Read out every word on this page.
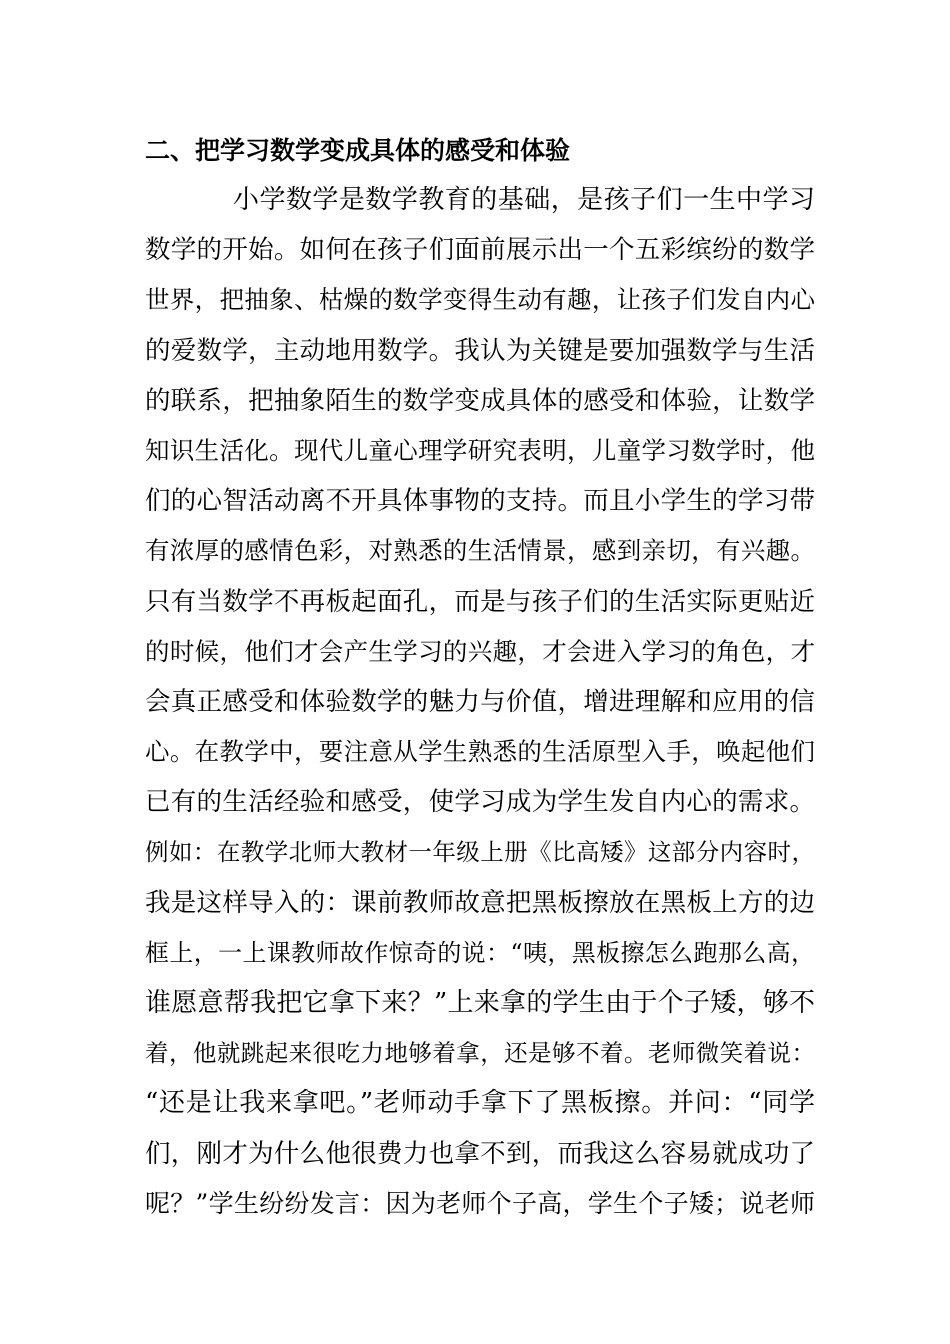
二、把学习数学变成具体的感受和体验
小学数学是数学教育的基础，是孩子们一生中学习
数学的开始。如何在孩子们面前展示出一个五彩缤纷的数学
世界，把抽象、枯燥的数学变得生动有趣，让孩子们发自内心
的爱数学，主动地用数学。我认为关键是要加强数学与生活
的联系，把抽象陌生的数学变成具体的感受和体验，让数学
知识生活化。现代儿童心理学研究表明，儿童学习数学时，他
们的心智活动离不开具体事物的支持。而且小学生的学习带
有浓厚的感情色彩，对熟悉的生活情景，感到亲切，有兴趣。
只有当数学不再板起面孔，而是与孩子们的生活实际更贴近
的时候，他们才会产生学习的兴趣，才会进入学习的角色，才
会真正感受和体验数学的魅力与价值，增进理解和应用的信
心。在教学中，要注意从学生熟悉的生活原型入手，唤起他们
已有的生活经验和感受，使学习成为学生发自内心的需求。
例如：在教学北师大教材一年级上册《比高矮》这部分内容时，
我是这样导入的：课前教师故意把黑板擦放在黑板上方的边
框上，一上课教师故作惊奇的说：“咦，黑板擦怎么跑那么高，
谁愿意帮我把它拿下来？”上来拿的学生由于个子矮，够不
着，他就跳起来很吃力地够着拿，还是够不着。老师微笑着说：
“还是让我来拿吧。”老师动手拿下了黑板擦。并问：“同学
们，刚才为什么他很费力也拿不到，而我这么容易就成功了
呢？”学生纷纷发言：因为老师个子高，学生个子矮；说老师
